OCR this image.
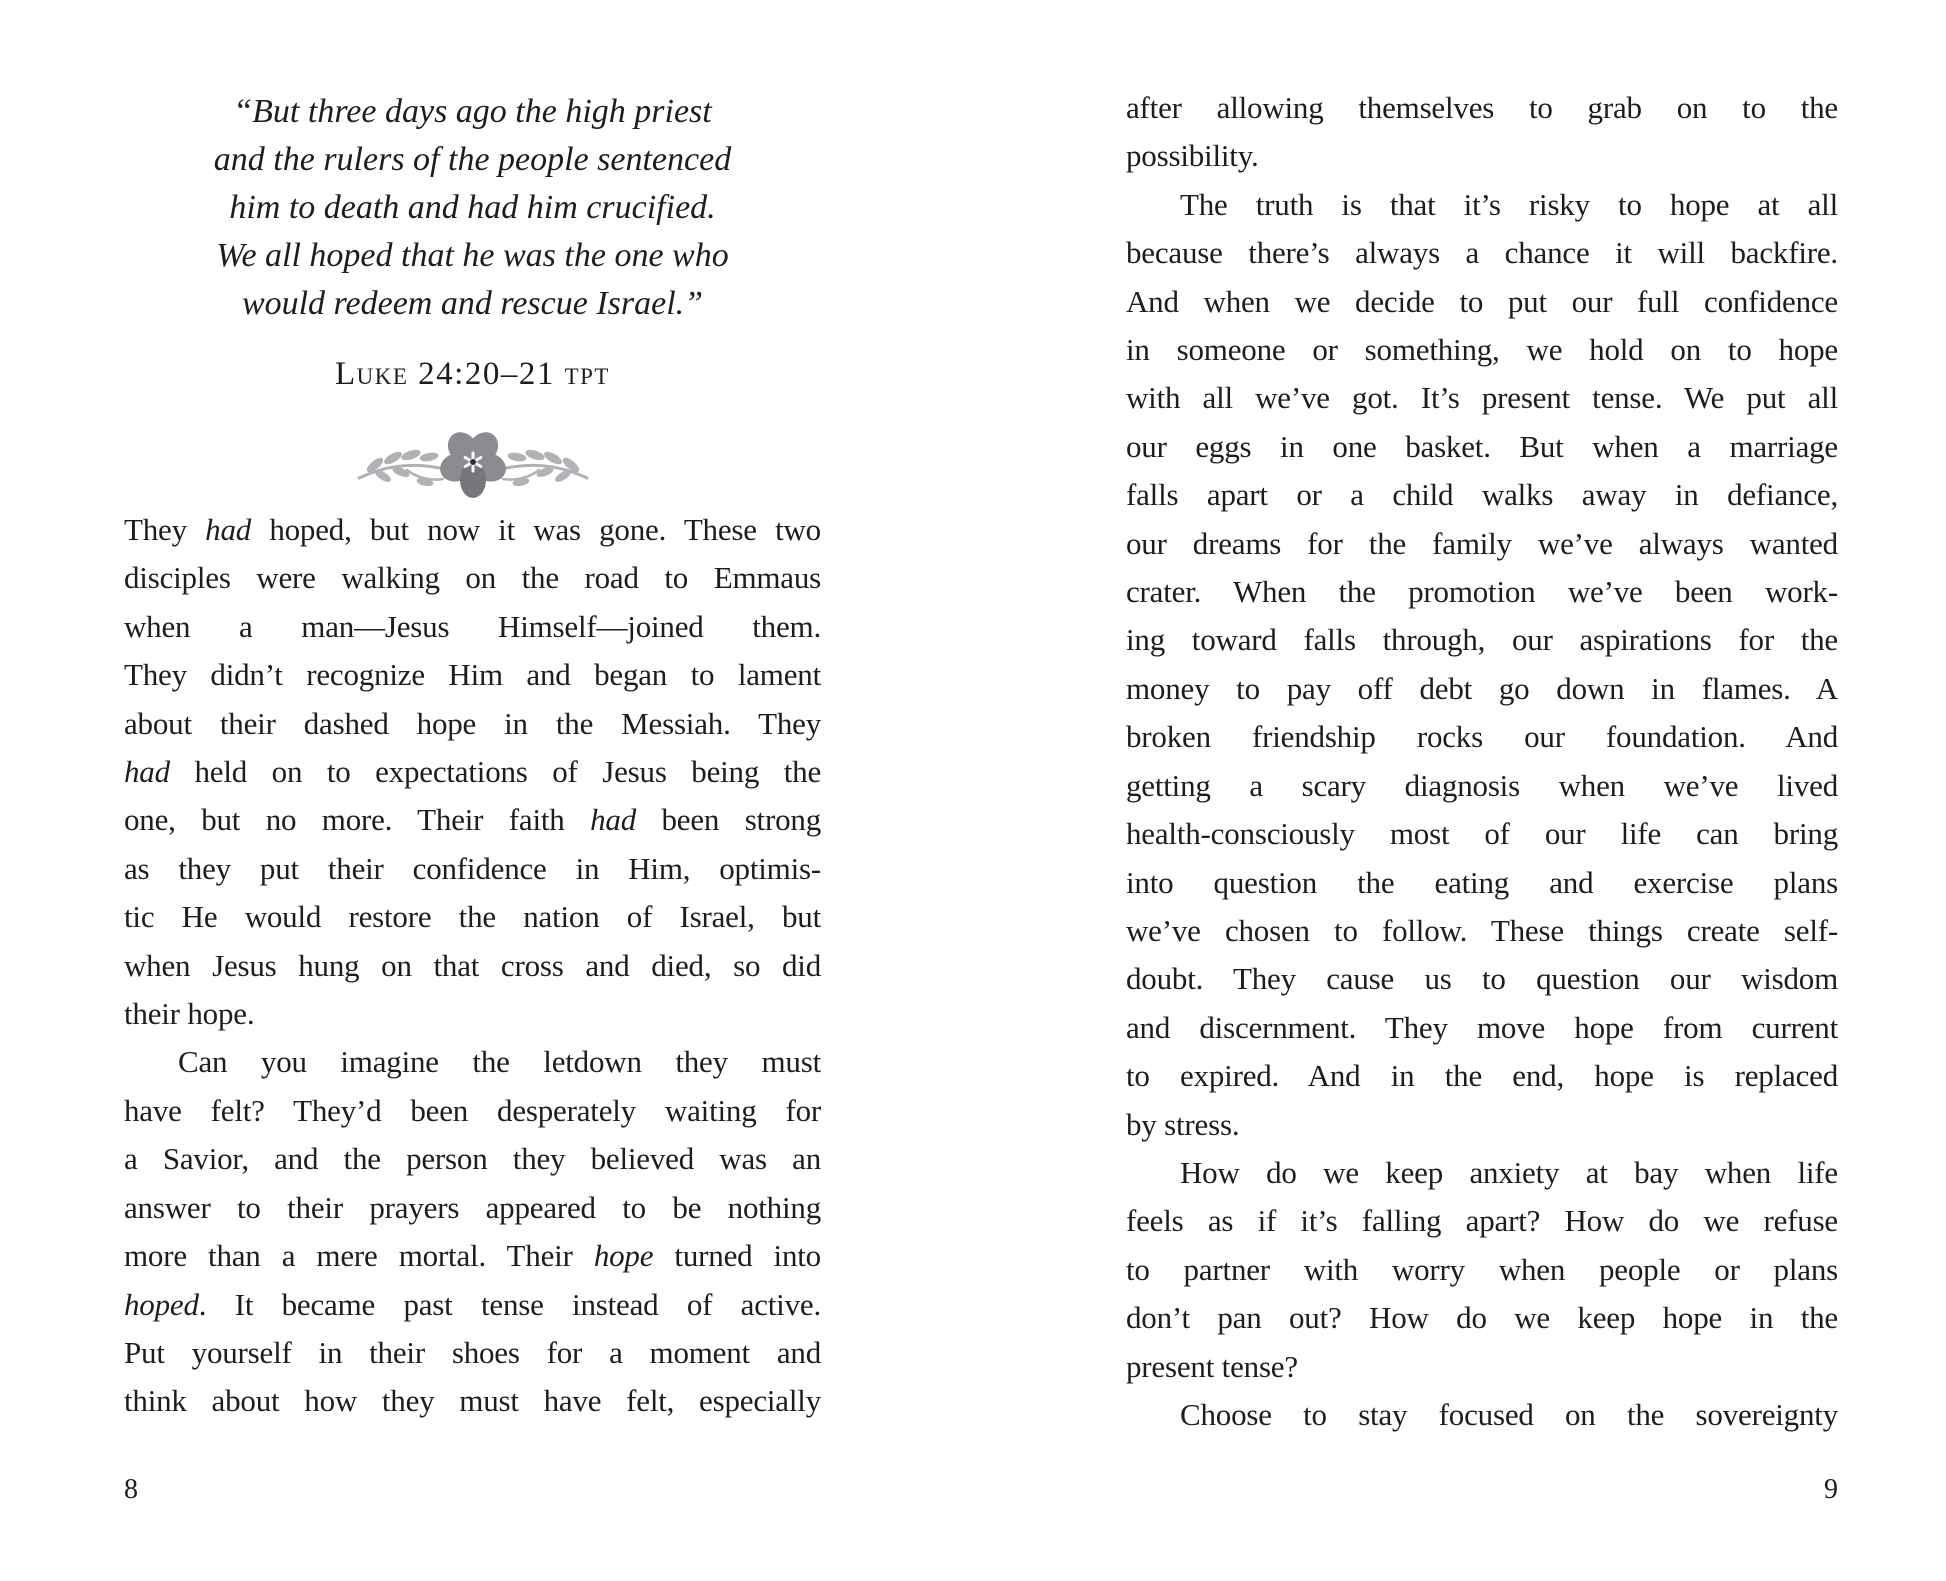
“But three days ago the high priest
and the rulers of the people sentenced
him to death and had him crucified.
We all hoped that he was the one who
would redeem and rescue Israel.”
Luke 24:20–21 tpt
They had hoped, but now it was gone. These two
disciples were walking on the road to Emmaus
when a man—Jesus Himself—joined them.
They didn’t recognize Him and began to lament
about their dashed hope in the Messiah. They
had held on to expectations of Jesus being the
one, but no more. Their faith had been strong
as they put their confidence in Him, optimis-
tic He would restore the nation of Israel, but
when Jesus hung on that cross and died, so did
their hope.
Can you imagine the letdown they must
have felt? They’d been desperately waiting for
a Savior, and the person they believed was an
answer to their prayers appeared to be nothing
more than a mere mortal. Their hope turned into
hoped. It became past tense instead of active.
Put yourself in their shoes for a moment and
think about how they must have felt, especially
8
after allowing themselves to grab on to the
possibility.
The truth is that it’s risky to hope at all
because there’s always a chance it will backfire.
And when we decide to put our full confidence
in someone or something, we hold on to hope
with all we’ve got. It’s present tense. We put all
our eggs in one basket. But when a marriage
falls apart or a child walks away in defiance,
our dreams for the family we’ve always wanted
crater. When the promotion we’ve been work-
ing toward falls through, our aspirations for the
money to pay off debt go down in flames. A
broken friendship rocks our foundation. And
getting a scary diagnosis when we’ve lived
health-consciously most of our life can bring
into question the eating and exercise plans
we’ve chosen to follow. These things create self-
doubt. They cause us to question our wisdom
and discernment. They move hope from current
to expired. And in the end, hope is replaced
by stress.
How do we keep anxiety at bay when life
feels as if it’s falling apart? How do we refuse
to partner with worry when people or plans
don’t pan out? How do we keep hope in the
present tense?
Choose to stay focused on the sovereignty
9
